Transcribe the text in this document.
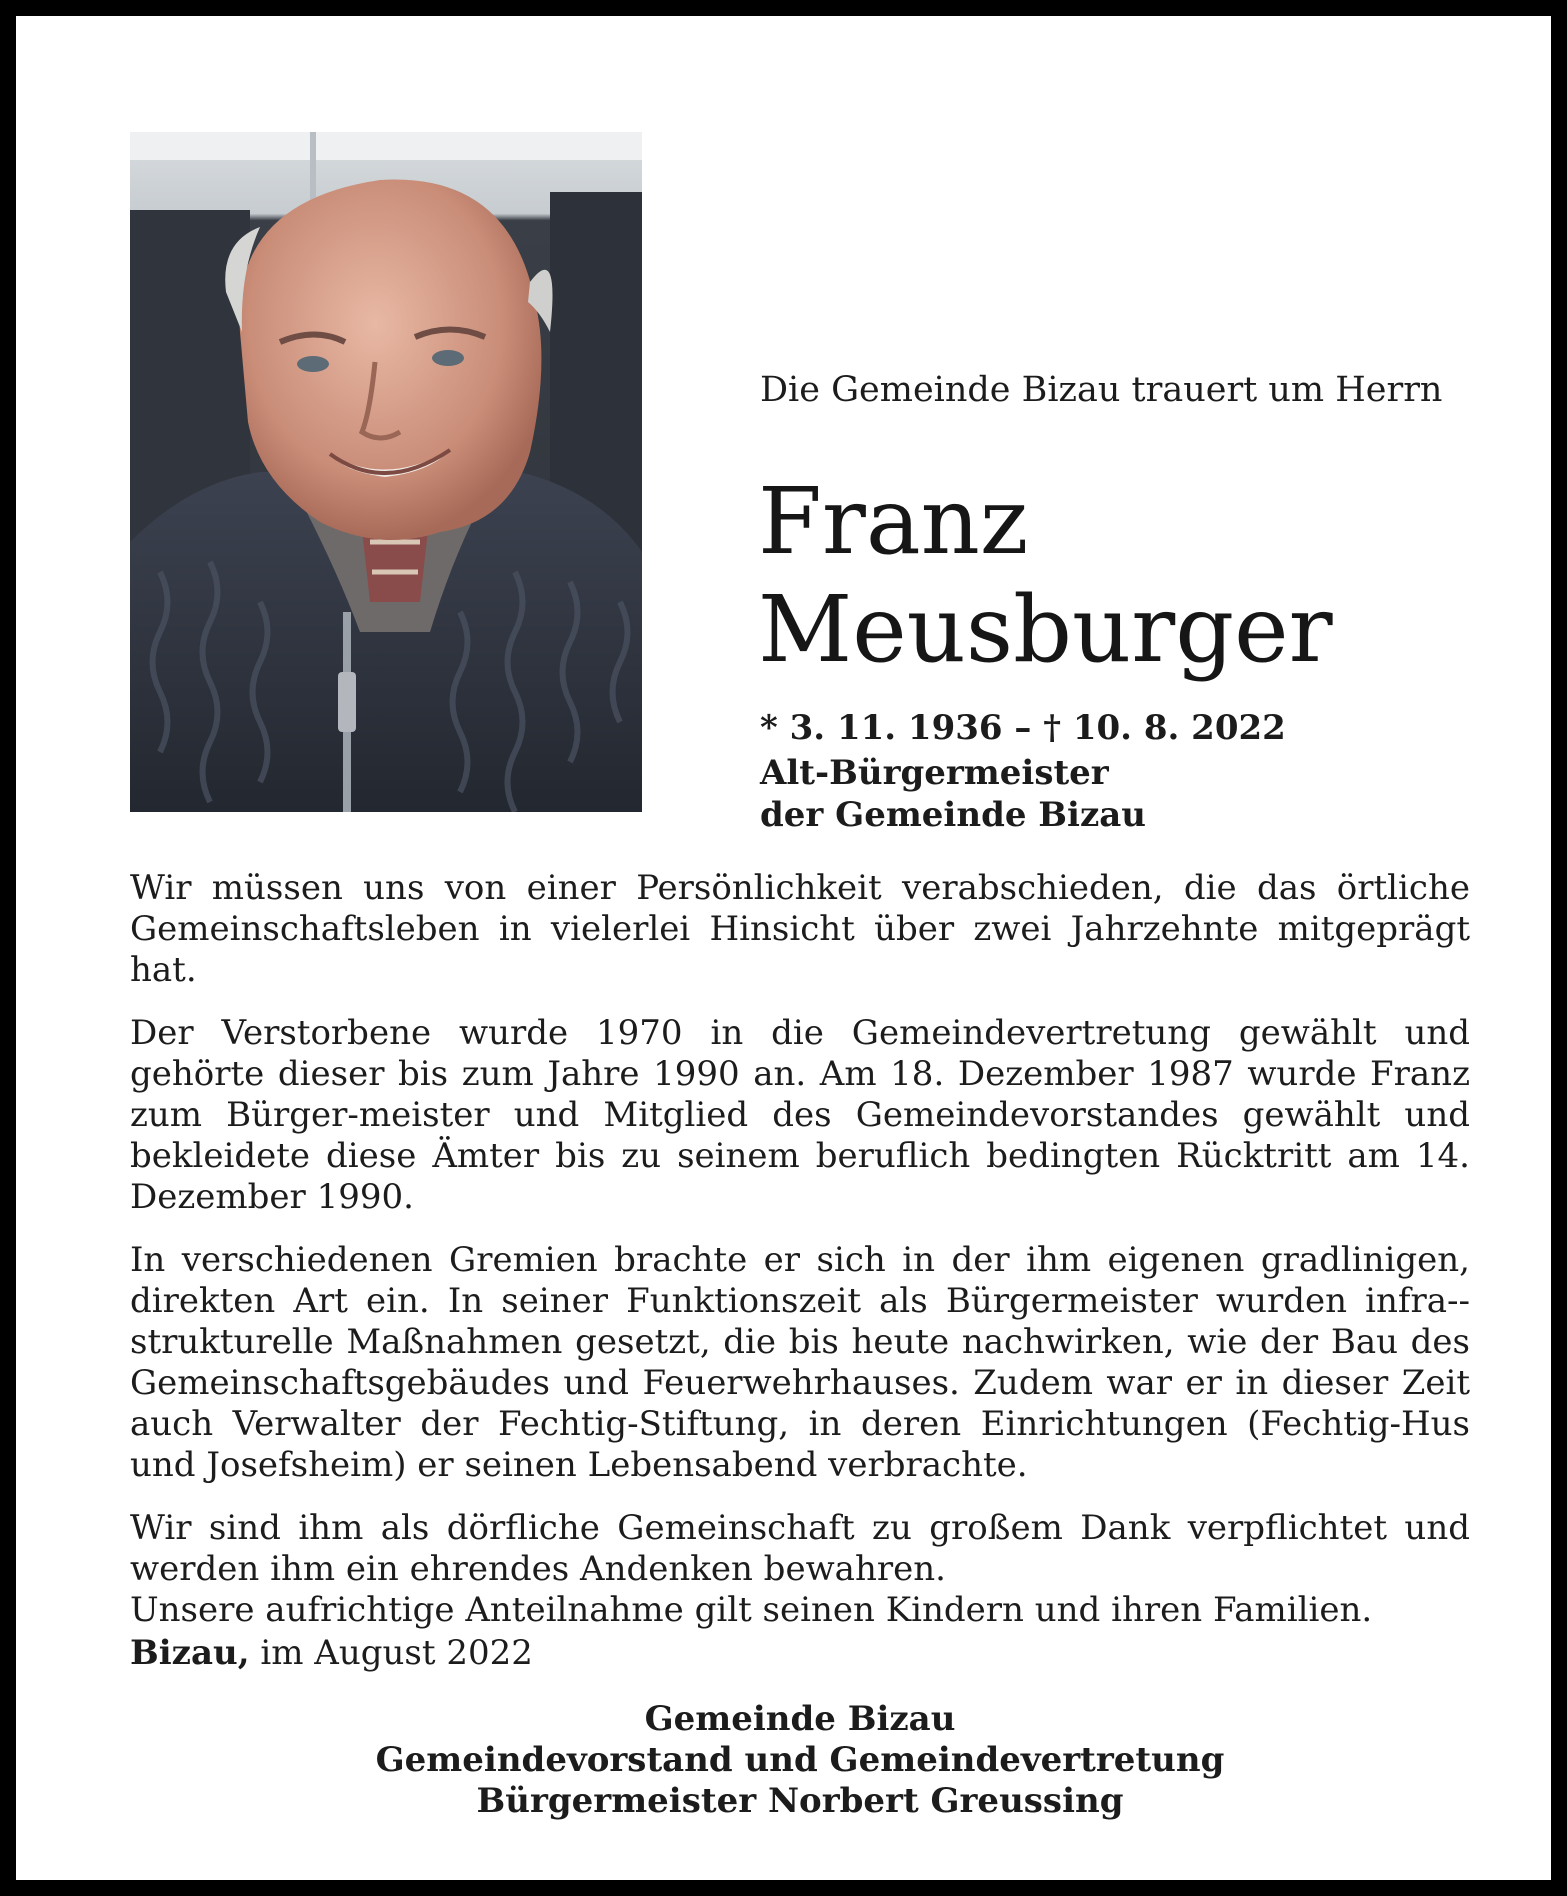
Die Gemeinde Bizau trauert um Herrn
Franz
Meusburger
* 3. 11. 1936 – † 10. 8. 2022
Alt-Bürgermeister
der Gemeinde Bizau

Wir müssen uns von einer Persönlichkeit verabschieden, die das örtliche Gemeinschaftsleben in vielerlei Hinsicht über zwei Jahrzehnte mitgeprägt hat.

Der Verstorbene wurde 1970 in die Gemeindevertretung gewählt und gehörte dieser bis zum Jahre 1990 an. Am 18. Dezember 1987 wurde Franz zum Bürger-meister und Mitglied des Gemeindevorstandes gewählt und bekleidete diese Ämter bis zu seinem beruflich bedingten Rücktritt am 14. Dezember 1990.

In verschiedenen Gremien brachte er sich in der ihm eigenen gradlinigen, direkten Art ein. In seiner Funktionszeit als Bürgermeister wurden infra-strukturelle Maßnahmen gesetzt, die bis heute nachwirken, wie der Bau des Gemeinschaftsgebäudes und Feuerwehrhauses. Zudem war er in dieser Zeit auch Verwalter der Fechtig-Stiftung, in deren Einrichtungen (Fechtig-Hus und Josefsheim) er seinen Lebensabend verbrachte.

Wir sind ihm als dörfliche Gemeinschaft zu großem Dank verpflichtet und werden ihm ein ehrendes Andenken bewahren.

Unsere aufrichtige Anteilnahme gilt seinen Kindern und ihren Familien.

Bizau, im August 2022
Gemeinde Bizau
Gemeindevorstand und Gemeindevertretung
Bürgermeister Norbert Greussing
